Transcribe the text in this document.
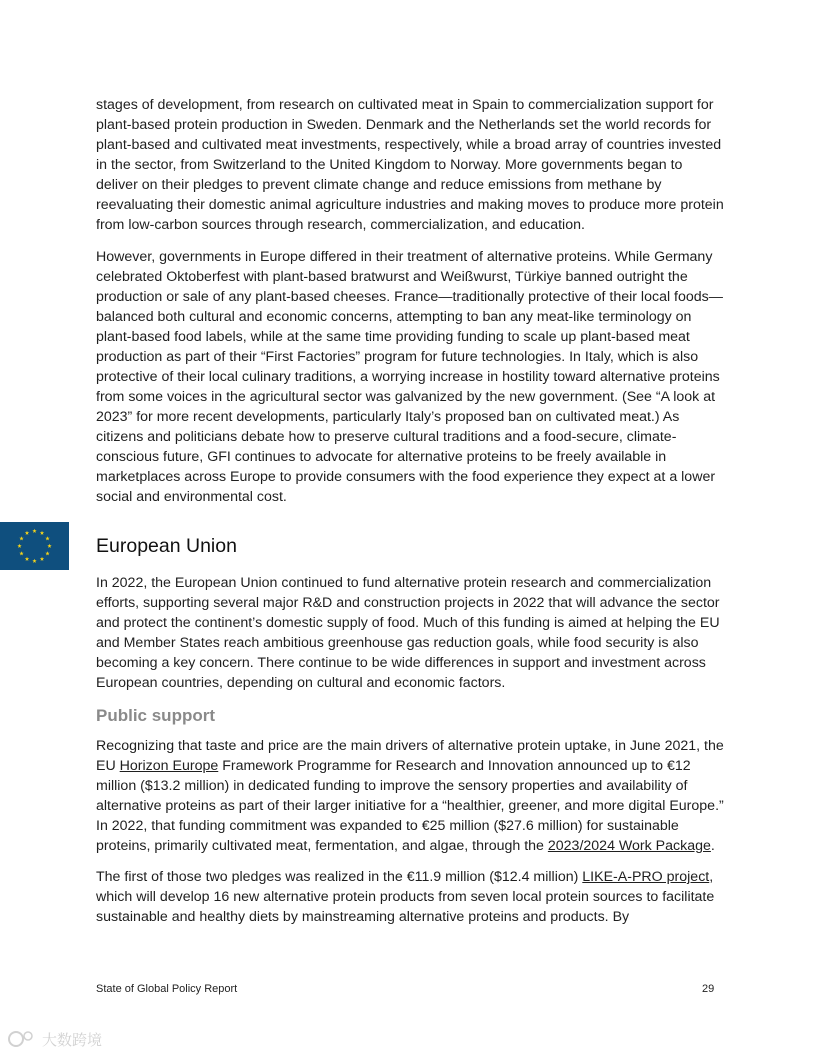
stages of development, from research on cultivated meat in Spain to commercialization support for plant-based protein production in Sweden. Denmark and the Netherlands set the world records for plant-based and cultivated meat investments, respectively, while a broad array of countries invested in the sector, from Switzerland to the United Kingdom to Norway. More governments began to deliver on their pledges to prevent climate change and reduce emissions from methane by reevaluating their domestic animal agriculture industries and making moves to produce more protein from low-carbon sources through research, commercialization, and education.

However, governments in Europe differed in their treatment of alternative proteins. While Germany celebrated Oktoberfest with plant-based bratwurst and Weißwurst, Türkiye banned outright the production or sale of any plant-based cheeses. France—traditionally protective of their local foods—balanced both cultural and economic concerns, attempting to ban any meat-like terminology on plant-based food labels, while at the same time providing funding to scale up plant-based meat production as part of their “First Factories” program for future technologies. In Italy, which is also protective of their local culinary traditions, a worrying increase in hostility toward alternative proteins from some voices in the agricultural sector was galvanized by the new government. (See “A look at 2023” for more recent developments, particularly Italy’s proposed ban on cultivated meat.) As citizens and politicians debate how to preserve cultural traditions and a food-secure, climate-conscious future, GFI continues to advocate for alternative proteins to be freely available in marketplaces across Europe to provide consumers with the food experience they expect at a lower social and environmental cost.

European Union

In 2022, the European Union continued to fund alternative protein research and commercialization efforts, supporting several major R&D and construction projects in 2022 that will advance the sector and protect the continent’s domestic supply of food. Much of this funding is aimed at helping the EU and Member States reach ambitious greenhouse gas reduction goals, while food security is also becoming a key concern. There continue to be wide differences in support and investment across European countries, depending on cultural and economic factors.

Public support

Recognizing that taste and price are the main drivers of alternative protein uptake, in June 2021, the EU Horizon Europe Framework Programme for Research and Innovation announced up to €12 million ($13.2 million) in dedicated funding to improve the sensory properties and availability of alternative proteins as part of their larger initiative for a “healthier, greener, and more digital Europe.” In 2022, that funding commitment was expanded to €25 million ($27.6 million) for sustainable proteins, primarily cultivated meat, fermentation, and algae, through the 2023/2024 Work Package.

The first of those two pledges was realized in the €11.9 million ($12.4 million) LIKE-A-PRO project, which will develop 16 new alternative protein products from seven local protein sources to facilitate sustainable and healthy diets by mainstreaming alternative proteins and products. By

State of Global Policy Report	29
大数跨境
